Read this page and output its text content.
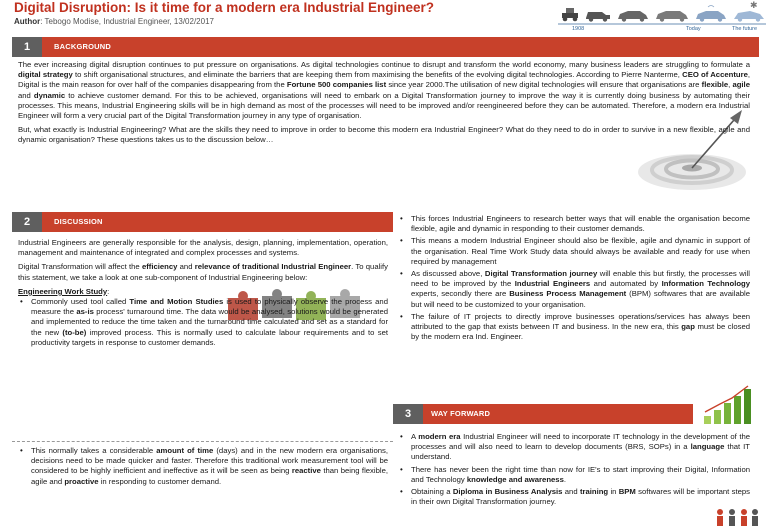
Digital Disruption: Is it time for a modern era Industrial Engineer?
Author: Tebogo Modise, Industrial Engineer, 13/02/2017
✱
1908	Today	The future
1	BACKGROUND

The ever increasing digital disruption continues to put pressure on organisations. As digital technologies continue to disrupt and transform the world economy, many business leaders are struggling to formulate a digital strategy to shift organisational structures, and eliminate the barriers that are keeping them from maximising the benefits of the evolving digital technologies. According to Pierre Nanterme, CEO of Accenture, Digital is the main reason for over half of the companies disappearing from the Fortune 500 companies list since year 2000.The utilisation of new digital technologies will ensure that organisations are flexible, agile and dynamic to achieve customer demand. For this to be achieved, organisations will need to embark on a Digital Transformation journey to improve the way it is currently doing business by automating their processes. This means, Industrial Engineering skills will be in high demand as most of the processes will need to be improved and/or reengineered before they can be automated. Therefore, a modern era Industrial Engineer will form a very crucial part of the Digital Transformation journey in any type of organisation.

But, what exactly is Industrial Engineering? What are the skills they need to improve in order to become this modern era Industrial Engineer? What do they need to do in order to survive in a new flexible, agile and dynamic organisation? These questions takes us to the discussion below…

2	DISCUSSION

Industrial Engineers are generally responsible for the analysis, design, planning, implementation, operation, management and maintenance of integrated and complex processes and systems.

Digital Transformation will affect the efficiency and relevance of traditional Industrial Engineer. To qualify this statement, we take a look at one sub-component of Industrial Engineering below:

Engineering Work Study:

• Commonly used tool called Time and Motion Studies is used to physically observe the process and measure the as-is process' turnaround time. The data would be analysed, solutions would be generated and implemented to reduce the time taken and the turnaround time calculated and set as a standard for the new (to-be) improved process. This is normally used to calculate labour requirements and to set productivity targets in response to customer demands.
• This normally takes a considerable amount of time (days) and in the new modern era organisations, decisions need to be made quicker and faster. Therefore this traditional work measurement tool will be considered to be highly inefficient and ineffective as it will be seen as being reactive than being flexible, agile and proactive in responding to customer demand.
• This forces Industrial Engineers to research better ways that will enable the organisation become flexible, agile and dynamic in responding to their customer demands.
• This means a modern Industrial Engineer should also be flexible, agile and dynamic in support of the organisation. Real Time Work Study data should always be available and ready for use when required by management
• As discussed above, Digital Transformation journey will enable this but firstly, the processes will need to be improved by the Industrial Engineers and automated by Information Technology experts, secondly there are Business Process Management (BPM) softwares that are available but will need to be customized to your organisation.
• The failure of IT projects to directly improve businesses operations/services has always been attributed to the gap that exists between IT and business. In the new era, this gap must be closed by the modern era Ind. Engineer.
3	WAY FORWARD
• A modern era Industrial Engineer will need to incorporate IT technology in the development of the processes and will also need to learn to develop documents (BRS, SOPs) in a language that IT understand.
• There has never been the right time than now for IE's to start improving their Digital, Information and Technology knowledge and awareness.
• Obtaining a Diploma in Business Analysis and training in BPM softwares will be important steps in their own Digital Transformation journey.
